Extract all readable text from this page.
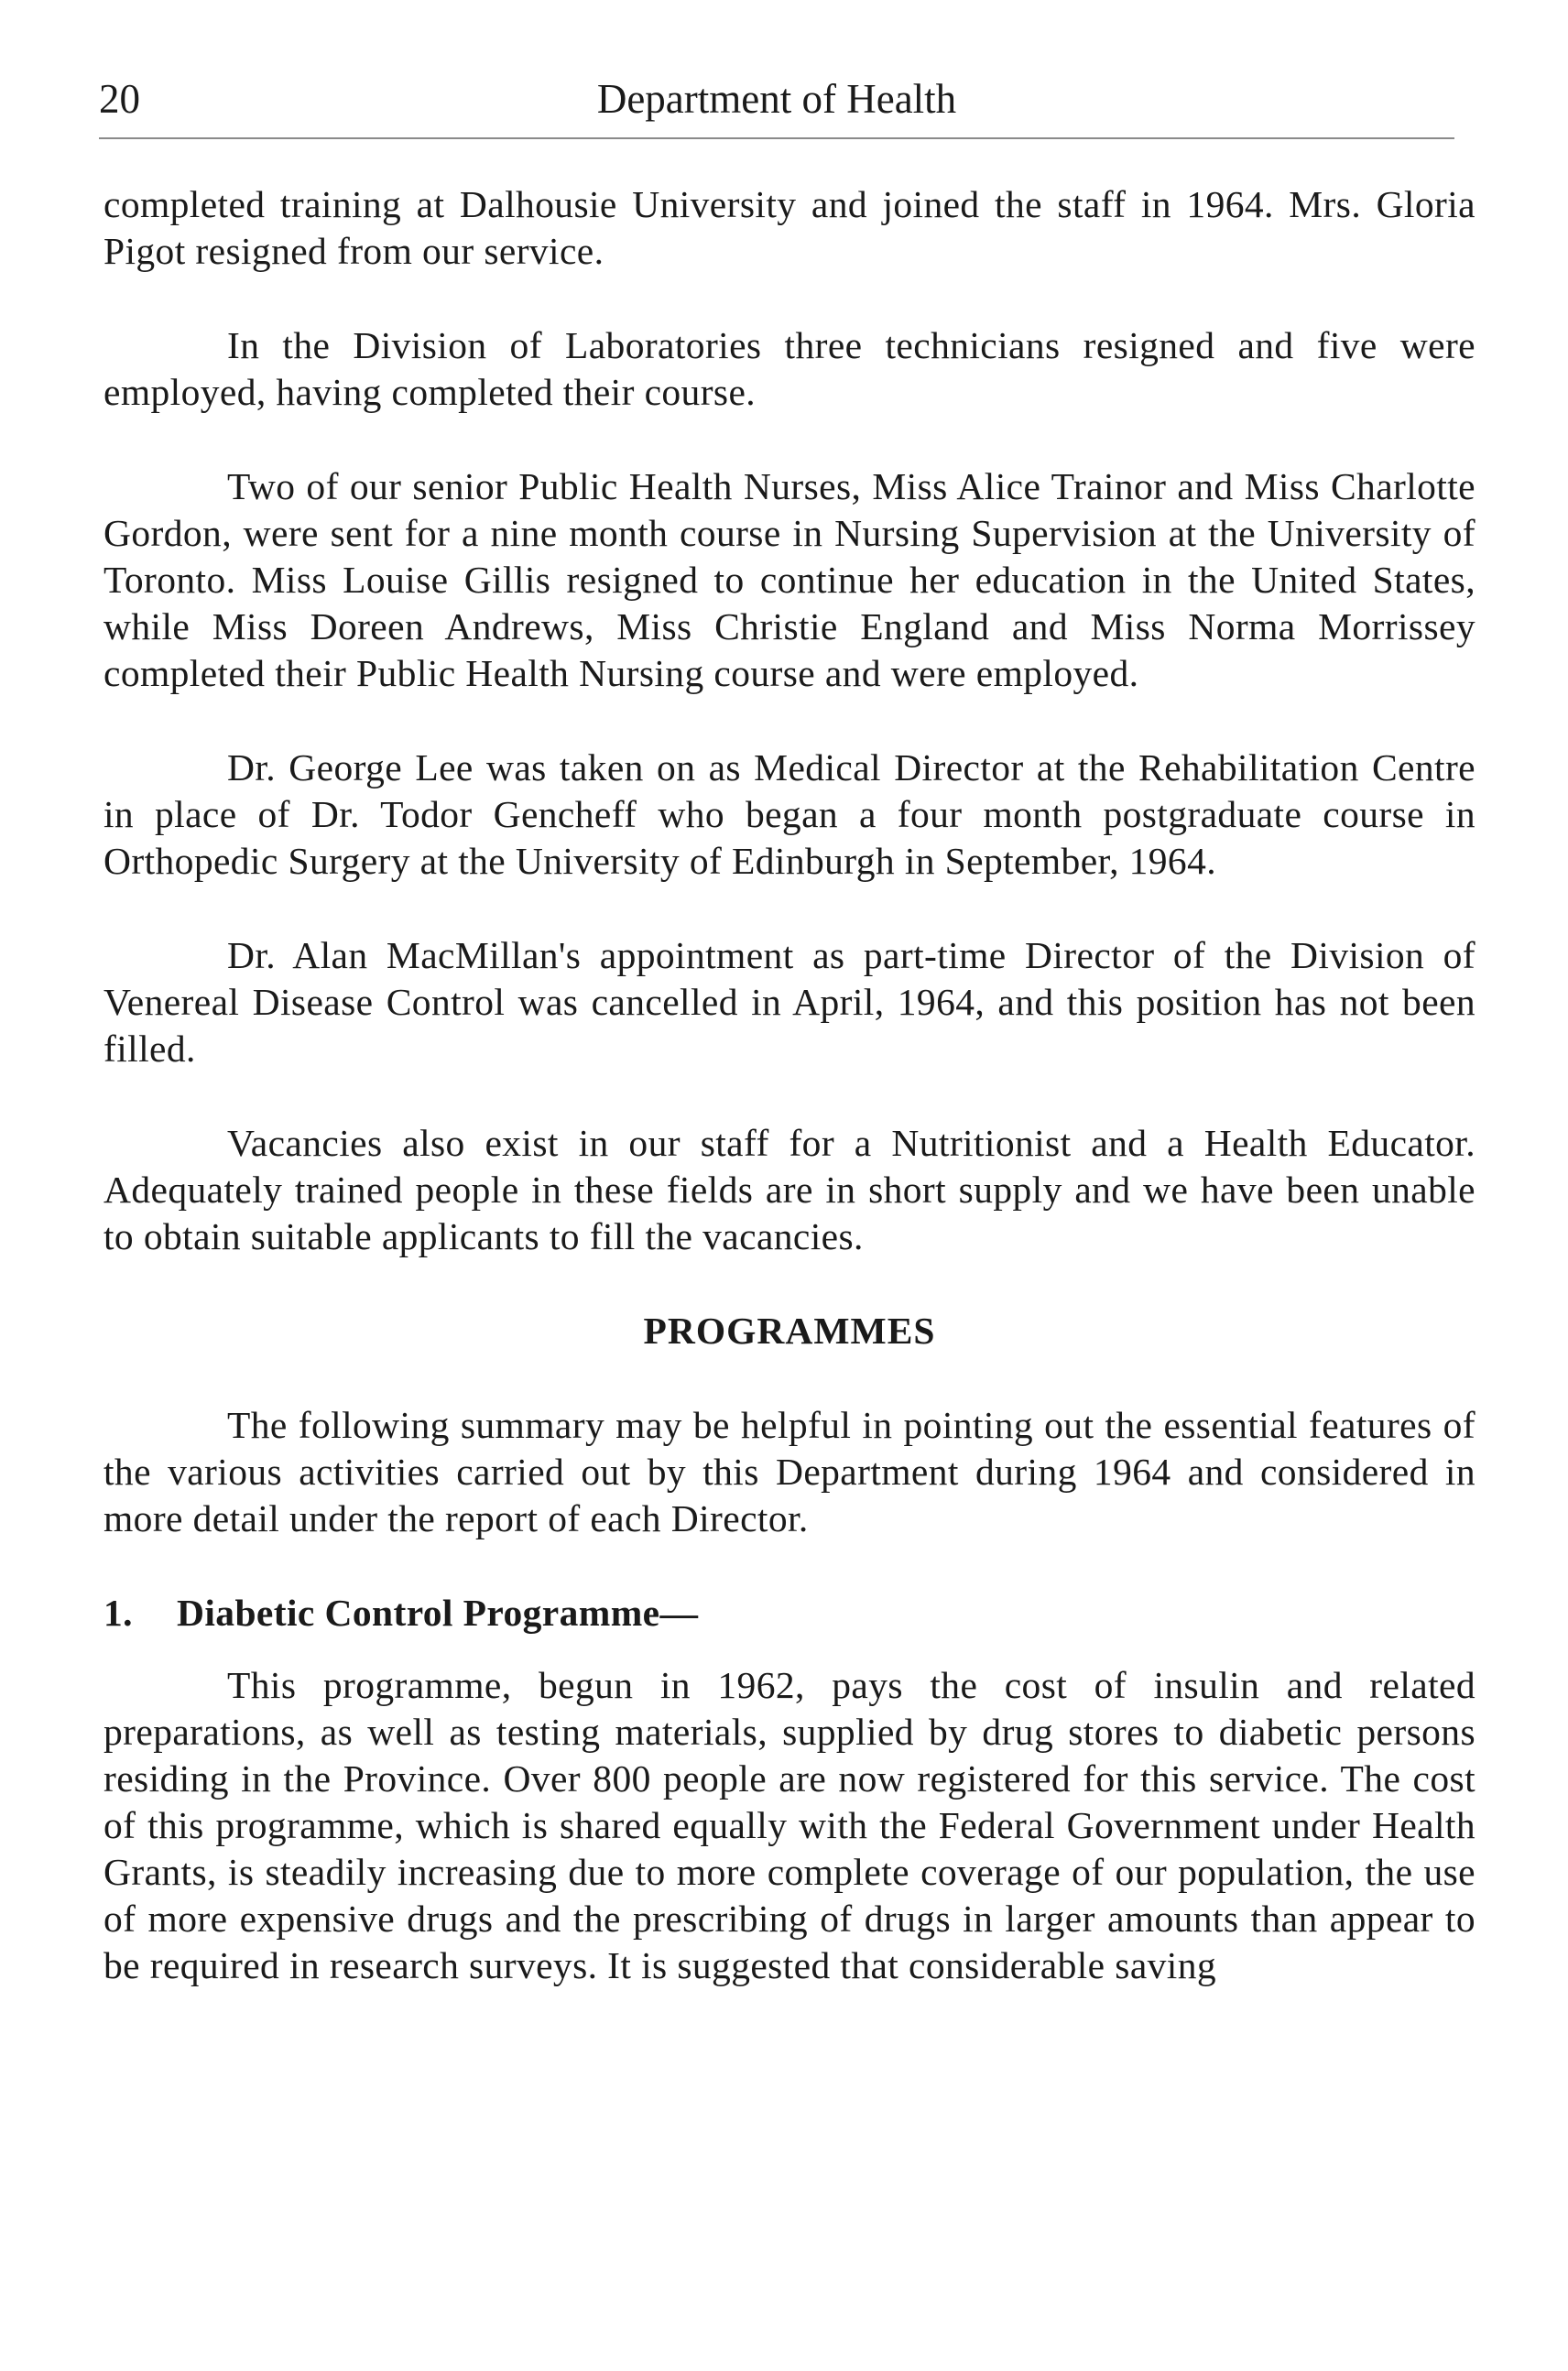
20	Department of Health

completed training at Dalhousie University and joined the staff in 1964. Mrs. Gloria Pigot resigned from our service.

In the Division of Laboratories three technicians resigned and five were employed, having completed their course.

Two of our senior Public Health Nurses, Miss Alice Trainor and Miss Charlotte Gordon, were sent for a nine month course in Nursing Supervision at the University of Toronto. Miss Louise Gillis resigned to continue her education in the United States, while Miss Doreen Andrews, Miss Christie England and Miss Norma Morrissey completed their Public Health Nursing course and were employed.

Dr. George Lee was taken on as Medical Director at the Rehabilitation Centre in place of Dr. Todor Gencheff who began a four month postgraduate course in Orthopedic Surgery at the University of Edinburgh in September, 1964.

Dr. Alan MacMillan's appointment as part-time Director of the Division of Venereal Disease Control was cancelled in April, 1964, and this position has not been filled.

Vacancies also exist in our staff for a Nutritionist and a Health Educator. Adequately trained people in these fields are in short supply and we have been unable to obtain suitable applicants to fill the vacancies.

PROGRAMMES

The following summary may be helpful in pointing out the essential features of the various activities carried out by this Department during 1964 and considered in more detail under the report of each Director.

1. Diabetic Control Programme—

This programme, begun in 1962, pays the cost of insulin and related preparations, as well as testing materials, supplied by drug stores to diabetic persons residing in the Province. Over 800 people are now registered for this service. The cost of this programme, which is shared equally with the Federal Government under Health Grants, is steadily increasing due to more complete coverage of our population, the use of more expensive drugs and the prescribing of drugs in larger amounts than appear to be required in research surveys. It is suggested that considerable saving
